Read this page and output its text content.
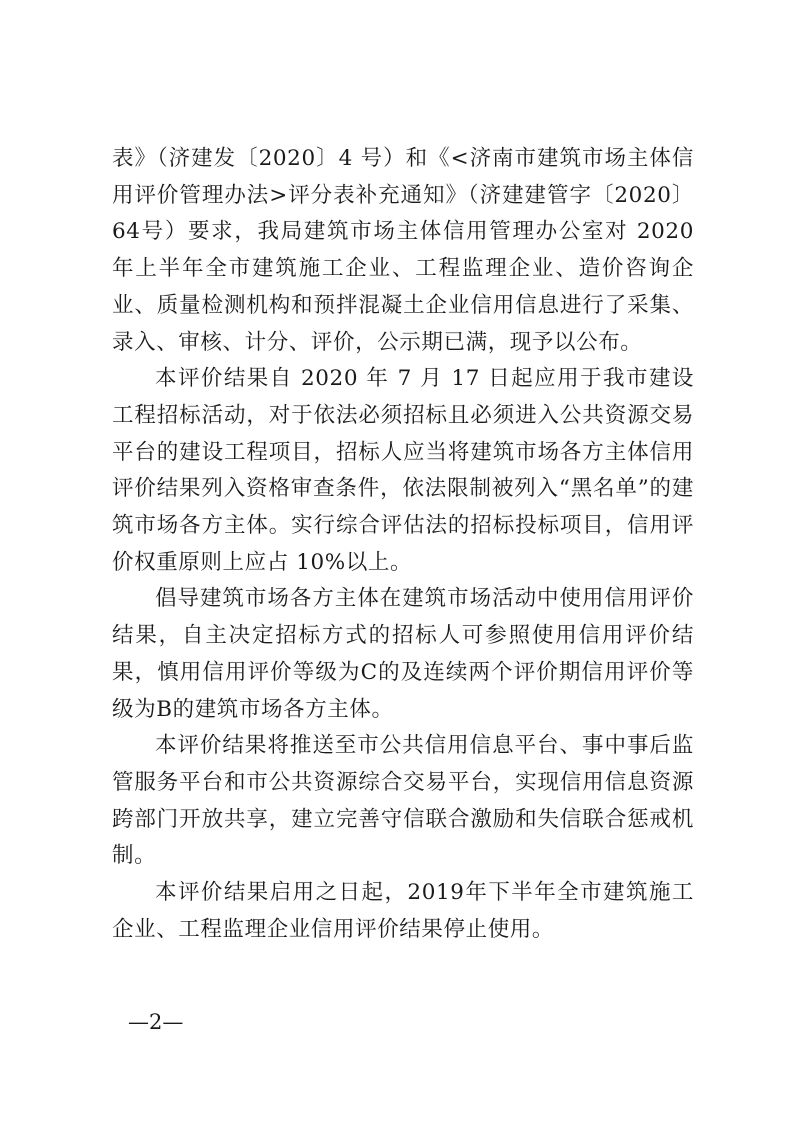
表》（济建发〔2020〕4 号）和《<济南市建筑市场主体信用评价管理办法>评分表补充通知》（济建建管字〔2020〕64号）要求，我局建筑市场主体信用管理办公室对 2020 年上半年全市建筑施工企业、工程监理企业、造价咨询企业、质量检测机构和预拌混凝土企业信用信息进行了采集、录入、审核、计分、评价，公示期已满，现予以公布。

本评价结果自 2020 年 7 月 17 日起应用于我市建设工程招标活动，对于依法必须招标且必须进入公共资源交易平台的建设工程项目，招标人应当将建筑市场各方主体信用评价结果列入资格审查条件，依法限制被列入“黑名单”的建筑市场各方主体。实行综合评估法的招标投标项目，信用评价权重原则上应占 10%以上。

倡导建筑市场各方主体在建筑市场活动中使用信用评价结果，自主决定招标方式的招标人可参照使用信用评价结果，慎用信用评价等级为C的及连续两个评价期信用评价等级为B的建筑市场各方主体。

本评价结果将推送至市公共信用信息平台、事中事后监管服务平台和市公共资源综合交易平台，实现信用信息资源跨部门开放共享，建立完善守信联合激励和失信联合惩戒机制。

本评价结果启用之日起，2019年下半年全市建筑施工企业、工程监理企业信用评价结果停止使用。

—2—
